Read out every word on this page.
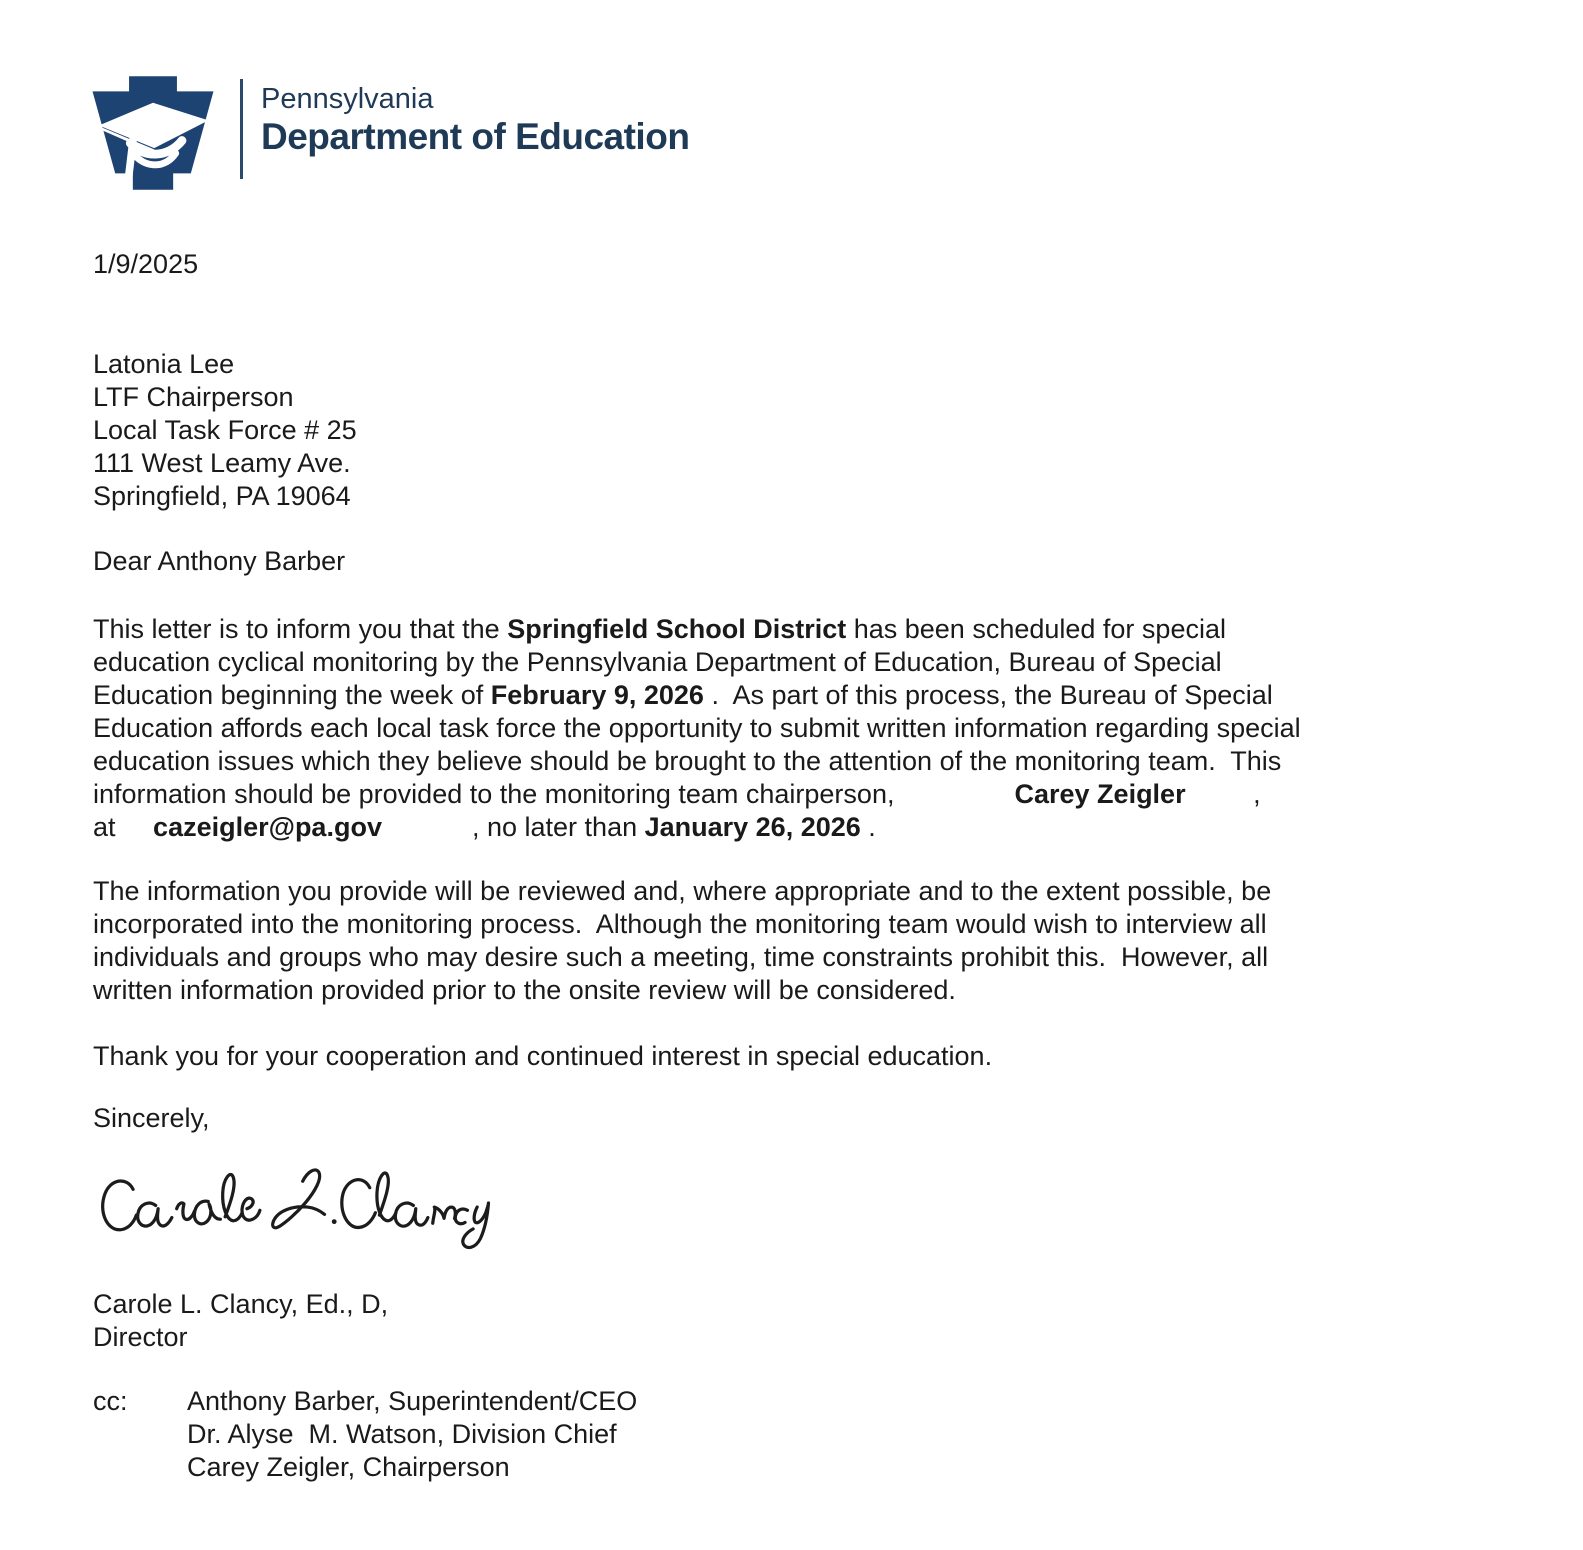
Pennsylvania
Department of Education
1/9/2025
Latonia Lee
LTF Chairperson
Local Task Force # 25
111 West Leamy Ave.
Springfield, PA 19064
Dear Anthony Barber
This letter is to inform you that the Springfield School District has been scheduled for special
education cyclical monitoring by the Pennsylvania Department of Education, Bureau of Special
Education beginning the week of February 9, 2026 .  As part of this process, the Bureau of Special
Education affords each local task force the opportunity to submit written information regarding special
education issues which they believe should be brought to the attention of the monitoring team.  This
information should be provided to the monitoring team chairperson,	Carey Zeigler         ,
at cazeigler@pa.gov            , no later than January 26, 2026 .
The information you provide will be reviewed and, where appropriate and to the extent possible, be
incorporated into the monitoring process.  Although the monitoring team would wish to interview all
individuals and groups who may desire such a meeting, time constraints prohibit this.  However, all
written information provided prior to the onsite review will be considered.
Thank you for your cooperation and continued interest in special education.
Sincerely,
Carole L. Clancy, Ed., D,
Director
cc:	Anthony Barber, Superintendent/CEO
Dr. Alyse  M. Watson, Division Chief
Carey Zeigler, Chairperson
